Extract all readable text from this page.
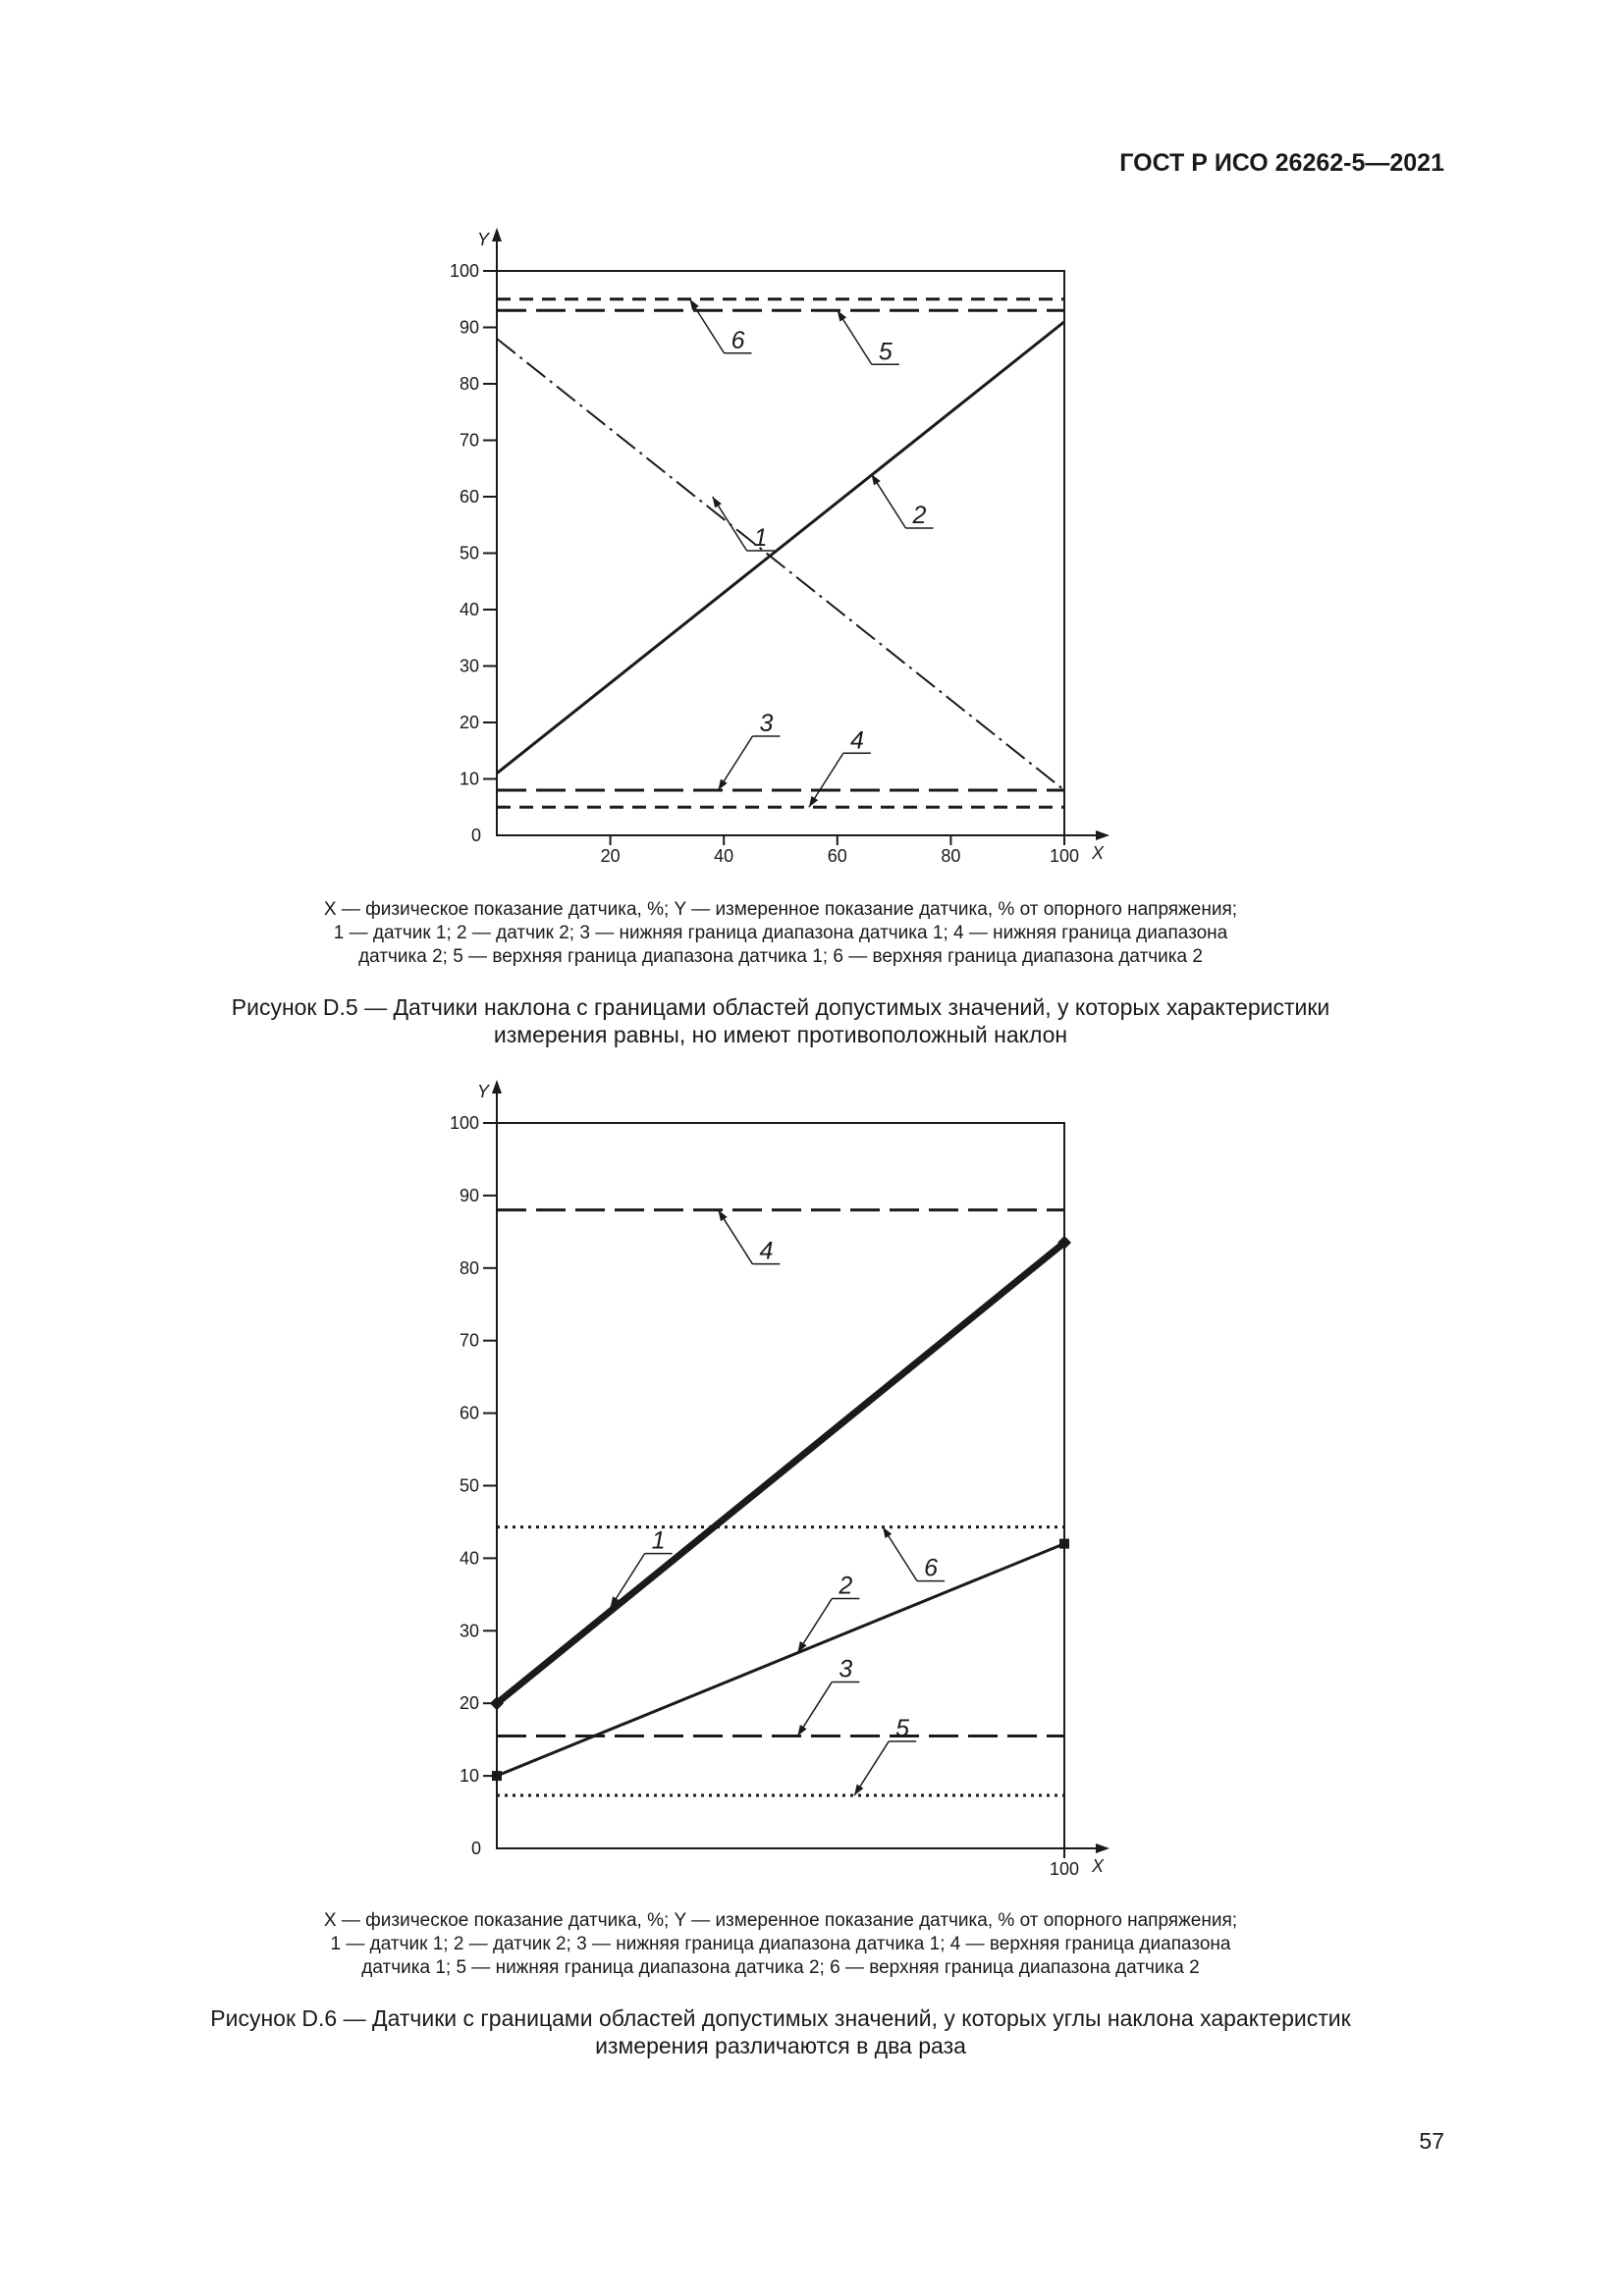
ГОСТ Р ИСО 26262-5—2021
Y
X
0
10
20
30
40
50
60
70
80
90
100
20	40	60	80	100
1
2
3
4
5
6
X — физическое показание датчика, %; Y — измеренное показание датчика, % от опорного напряжения;
1 — датчик 1; 2 — датчик 2; 3 — нижняя граница диапазона датчика 1; 4 — нижняя граница диапазона
датчика 2; 5 — верхняя граница диапазона датчика 1; 6 — верхняя граница диапазона датчика 2
Рисунок D.5 — Датчики наклона с границами областей допустимых значений, у которых характеристики
измерения равны, но имеют противоположный наклон
Y
X
0
10
20
30
40
50
60
70
80
90
100
100
1
2
3
4
5
6
X — физическое показание датчика, %; Y — измеренное показание датчика, % от опорного напряжения;
1 — датчик 1; 2 — датчик 2; 3 — нижняя граница диапазона датчика 1; 4 — верхняя граница диапазона
датчика 1; 5 — нижняя граница диапазона датчика 2; 6 — верхняя граница диапазона датчика 2
Рисунок D.6 — Датчики с границами областей допустимых значений, у которых углы наклона характеристик
измерения различаются в два раза
57
